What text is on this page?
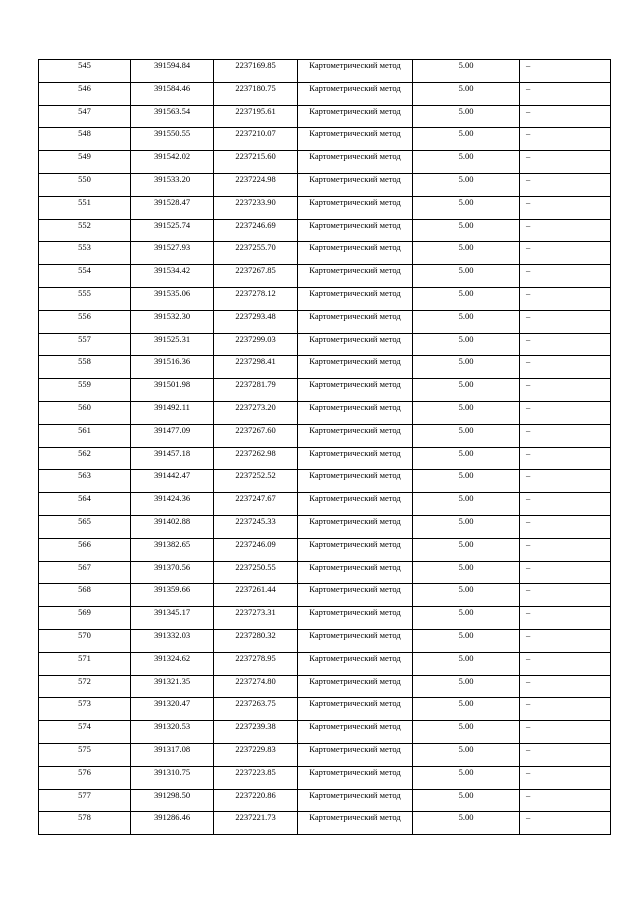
545	391594.84	2237169.85	Картометрический метод	5.00	–
546	391584.46	2237180.75	Картометрический метод	5.00	–
547	391563.54	2237195.61	Картометрический метод	5.00	–
548	391550.55	2237210.07	Картометрический метод	5.00	–
549	391542.02	2237215.60	Картометрический метод	5.00	–
550	391533.20	2237224.98	Картометрический метод	5.00	–
551	391528.47	2237233.90	Картометрический метод	5.00	–
552	391525.74	2237246.69	Картометрический метод	5.00	–
553	391527.93	2237255.70	Картометрический метод	5.00	–
554	391534.42	2237267.85	Картометрический метод	5.00	–
555	391535.06	2237278.12	Картометрический метод	5.00	–
556	391532.30	2237293.48	Картометрический метод	5.00	–
557	391525.31	2237299.03	Картометрический метод	5.00	–
558	391516.36	2237298.41	Картометрический метод	5.00	–
559	391501.98	2237281.79	Картометрический метод	5.00	–
560	391492.11	2237273.20	Картометрический метод	5.00	–
561	391477.09	2237267.60	Картометрический метод	5.00	–
562	391457.18	2237262.98	Картометрический метод	5.00	–
563	391442.47	2237252.52	Картометрический метод	5.00	–
564	391424.36	2237247.67	Картометрический метод	5.00	–
565	391402.88	2237245.33	Картометрический метод	5.00	–
566	391382.65	2237246.09	Картометрический метод	5.00	–
567	391370.56	2237250.55	Картометрический метод	5.00	–
568	391359.66	2237261.44	Картометрический метод	5.00	–
569	391345.17	2237273.31	Картометрический метод	5.00	–
570	391332.03	2237280.32	Картометрический метод	5.00	–
571	391324.62	2237278.95	Картометрический метод	5.00	–
572	391321.35	2237274.80	Картометрический метод	5.00	–
573	391320.47	2237263.75	Картометрический метод	5.00	–
574	391320.53	2237239.38	Картометрический метод	5.00	–
575	391317.08	2237229.83	Картометрический метод	5.00	–
576	391310.75	2237223.85	Картометрический метод	5.00	–
577	391298.50	2237220.86	Картометрический метод	5.00	–
578	391286.46	2237221.73	Картометрический метод	5.00	–
